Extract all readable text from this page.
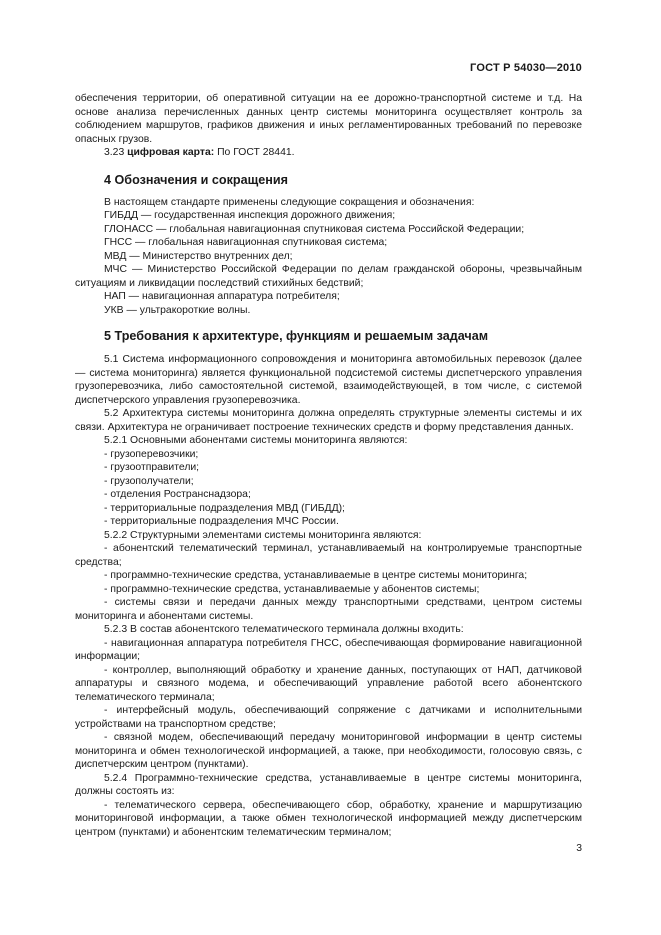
ГОСТ Р 54030—2010

обеспечения территории, об оперативной ситуации на ее дорожно-транспортной системе и т.д. На основе анализа перечисленных данных центр системы мониторинга осуществляет контроль за соблюдением маршрутов, графиков движения и иных регламентированных требований по перевозке опасных грузов.

3.23 цифровая карта: По ГОСТ 28441.

4 Обозначения и сокращения

В настоящем стандарте применены следующие сокращения и обозначения:

ГИБДД — государственная инспекция дорожного движения;

ГЛОНАСС — глобальная навигационная спутниковая система Российской Федерации;

ГНСС — глобальная навигационная спутниковая система;

МВД — Министерство внутренних дел;

МЧС — Министерство Российской Федерации по делам гражданской обороны, чрезвычайным ситуациям и ликвидации последствий стихийных бедствий;

НАП — навигационная аппаратура потребителя;

УКВ — ультракороткие волны.

5 Требования к архитектуре, функциям и решаемым задачам

5.1 Система информационного сопровождения и мониторинга автомобильных перевозок (далее — система мониторинга) является функциональной подсистемой системы диспетчерского управления грузоперевозчика, либо самостоятельной системой, взаимодействующей, в том числе, с системой диспетчерского управления грузоперевозчика.

5.2 Архитектура системы мониторинга должна определять структурные элементы системы и их связи. Архитектура не ограничивает построение технических средств и форму представления данных.

5.2.1 Основными абонентами системы мониторинга являются:

- грузоперевозчики;

- грузоотправители;

- грузополучатели;

- отделения Ространснадзора;

- территориальные подразделения МВД (ГИБДД);

- территориальные подразделения МЧС России.

5.2.2 Структурными элементами системы мониторинга являются:

- абонентский телематический терминал, устанавливаемый на контролируемые транспортные средства;

- программно-технические средства, устанавливаемые в центре системы мониторинга;

- программно-технические средства, устанавливаемые у абонентов системы;

- системы связи и передачи данных между транспортными средствами, центром системы мониторинга и абонентами системы.

5.2.3 В состав абонентского телематического терминала должны входить:

- навигационная аппаратура потребителя ГНСС, обеспечивающая формирование навигационной информации;

- контроллер, выполняющий обработку и хранение данных, поступающих от НАП, датчиковой аппаратуры и связного модема, и обеспечивающий управление работой всего абонентского телематического терминала;

- интерфейсный модуль, обеспечивающий сопряжение с датчиками и исполнительными устройствами на транспортном средстве;

- связной модем, обеспечивающий передачу мониторинговой информации в центр системы мониторинга и обмен технологической информацией, а также, при необходимости, голосовую связь, с диспетчерским центром (пунктами).

5.2.4 Программно-технические средства, устанавливаемые в центре системы мониторинга, должны состоять из:

- телематического сервера, обеспечивающего сбор, обработку, хранение и маршрутизацию мониторинговой информации, а также обмен технологической информацией между диспетчерским центром (пунктами) и абонентским телематическим терминалом;

3
